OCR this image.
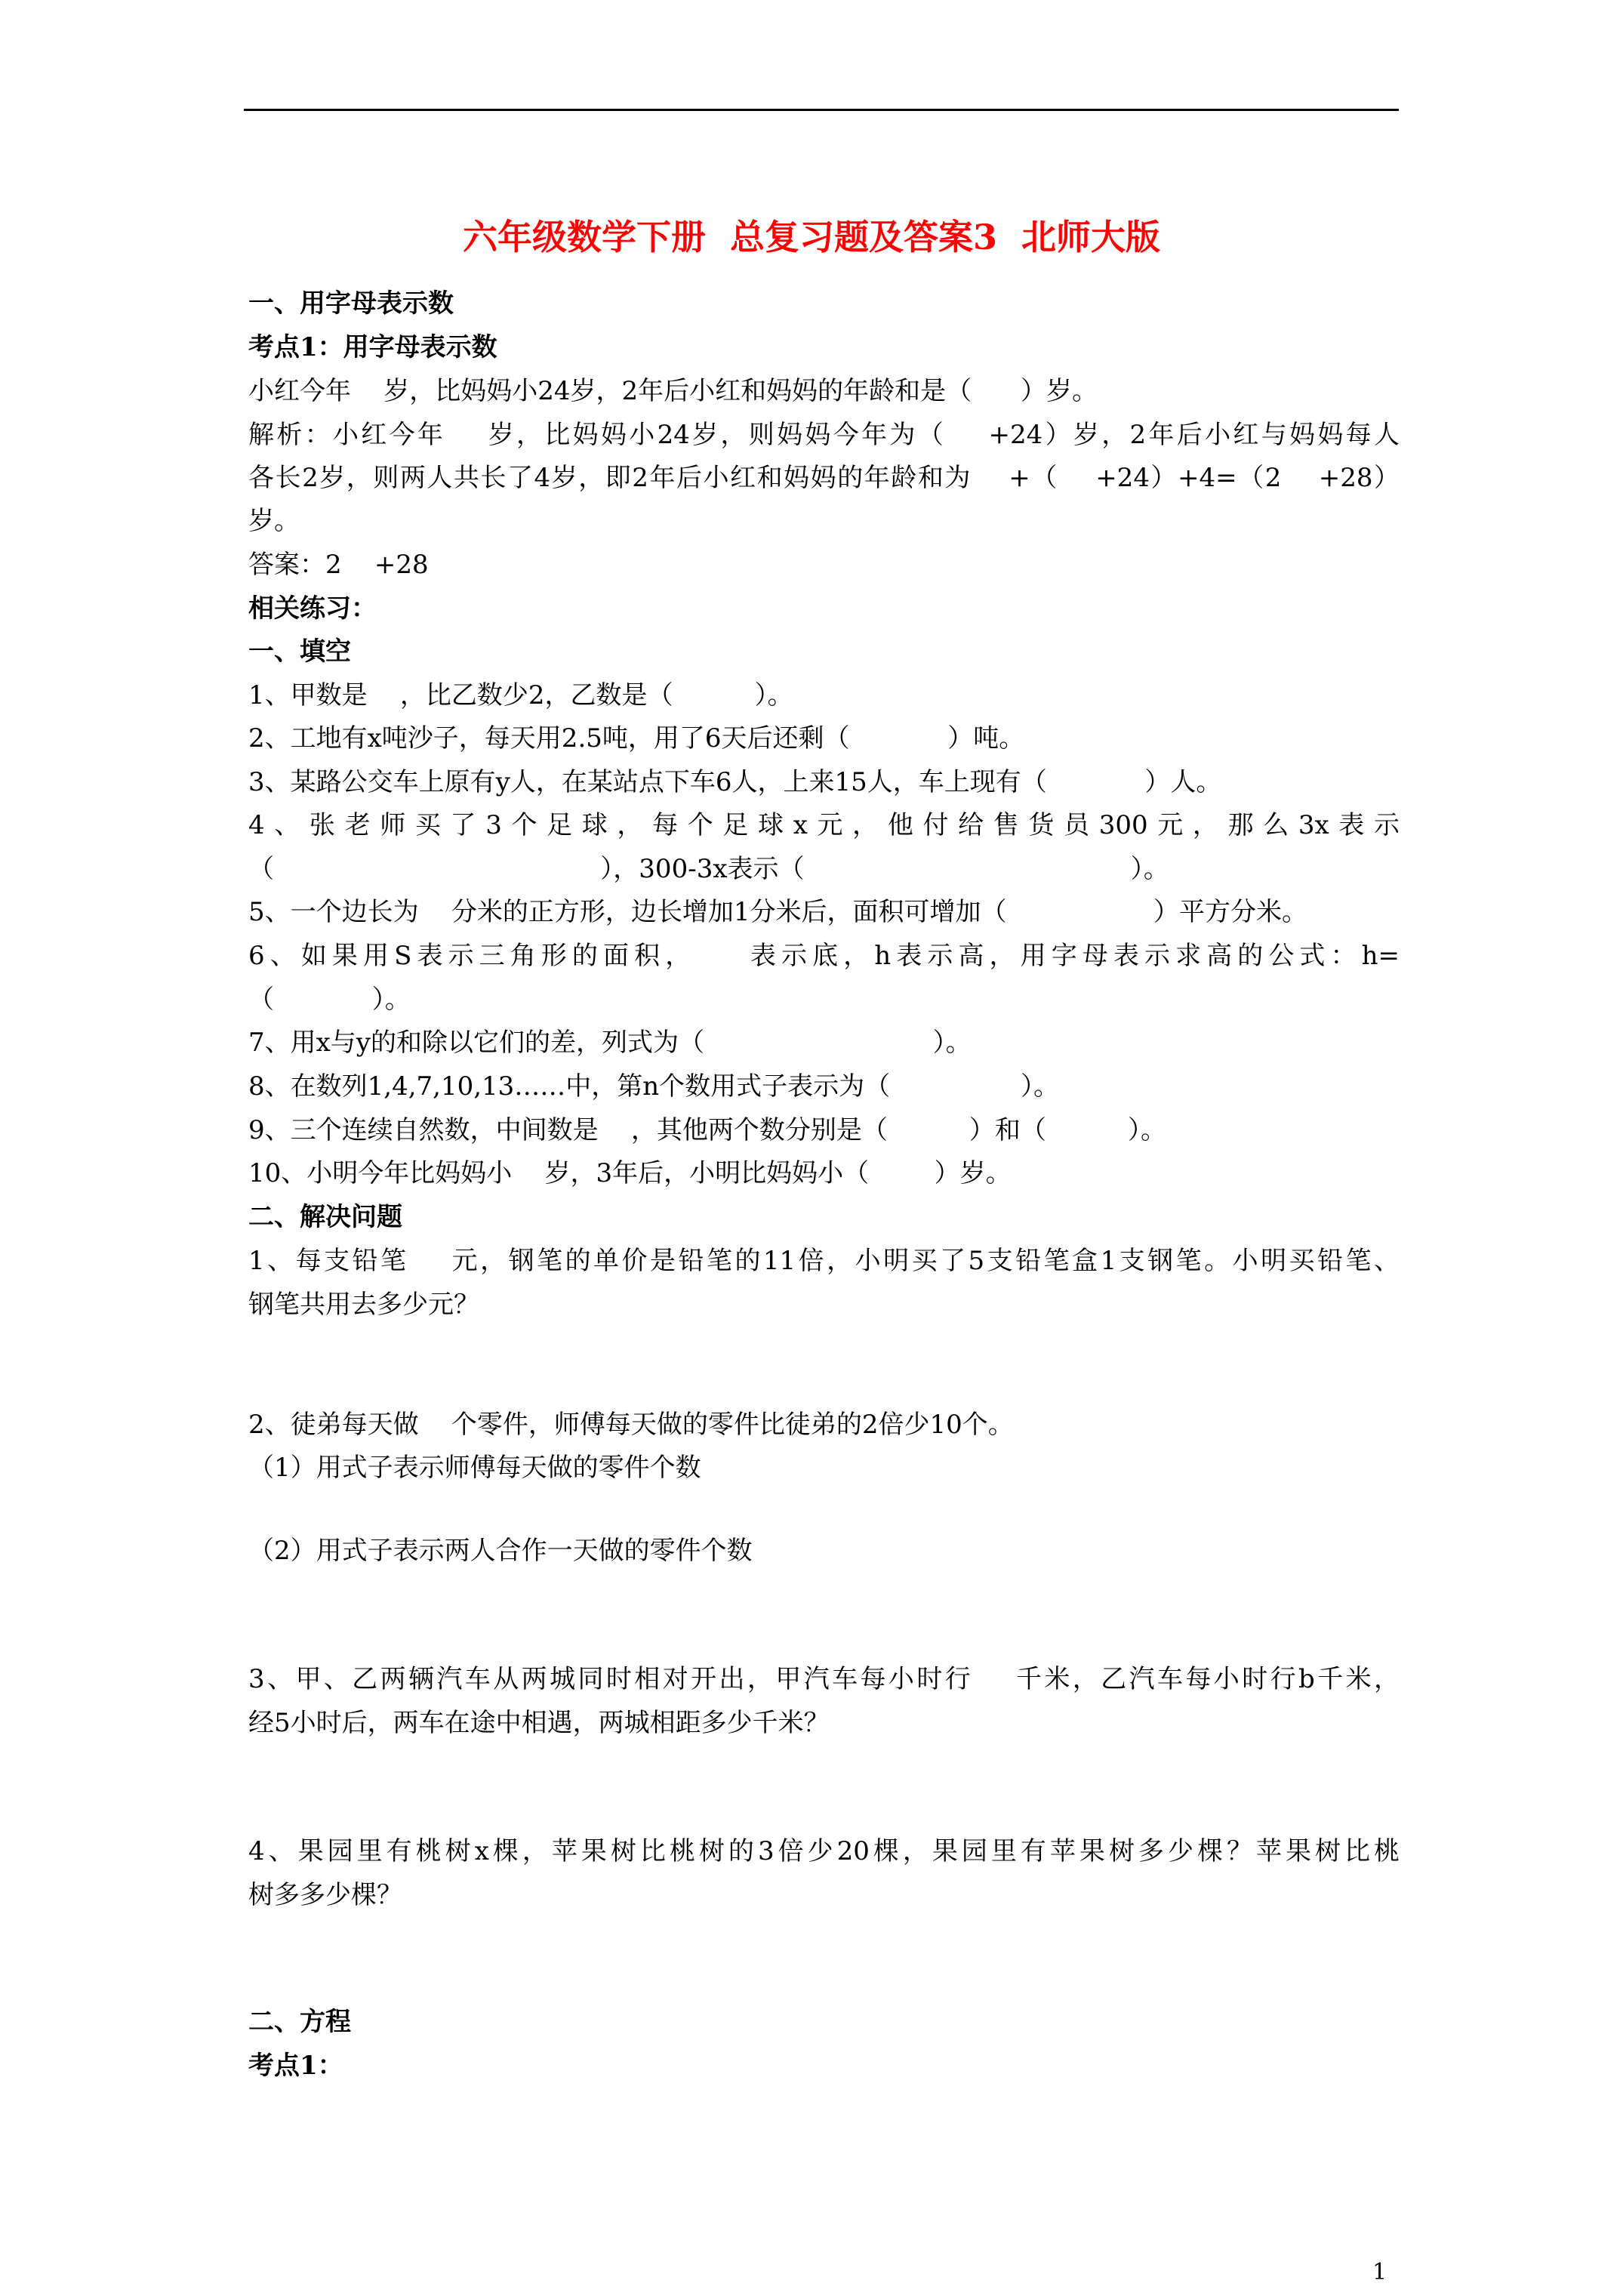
六年级数学下册  总复习题及答案3  北师大版
一、用字母表示数
考点1：用字母表示数
小红今年    岁，比妈妈小24岁，2年后小红和妈妈的年龄和是（      ）岁。
解析：小红今年    岁，比妈妈小24岁，则妈妈今年为（    +24）岁，2年后小红与妈妈每人
各长2岁，则两人共长了4岁，即2年后小红和妈妈的年龄和为    +（    +24）+4=（2    +28）
岁。
答案：2    +28
相关练习：
一、填空
1、甲数是    ，比乙数少2，乙数是（          ）。
2、工地有x吨沙子，每天用2.5吨，用了6天后还剩（            ）吨。
3、某路公交车上原有y人，在某站点下车6人，上来15人，车上现有（            ）人。
4、张老师买了3个足球，每个足球x元，他付给售货员300元，那么3x表示
（                                        ），300-3x表示（                                        ）。
5、一个边长为    分米的正方形，边长增加1分米后，面积可增加（                  ）平方分米。
6、如果用S表示三角形的面积，    表示底，h表示高，用字母表示求高的公式：h=
（            ）。
7、用x与y的和除以它们的差，列式为（                            ）。
8、在数列1,4,7,10,13……中，第n个数用式子表示为（                ）。
9、三个连续自然数，中间数是    ，其他两个数分别是（          ）和（          ）。
10、小明今年比妈妈小    岁，3年后，小明比妈妈小（        ）岁。
二、解决问题
1、每支铅笔    元，钢笔的单价是铅笔的11倍，小明买了5支铅笔盒1支钢笔。小明买铅笔、
钢笔共用去多少元？
2、徒弟每天做    个零件，师傅每天做的零件比徒弟的2倍少10个。
（1）用式子表示师傅每天做的零件个数
（2）用式子表示两人合作一天做的零件个数
3、甲、乙两辆汽车从两城同时相对开出，甲汽车每小时行    千米，乙汽车每小时行b千米，
经5小时后，两车在途中相遇，两城相距多少千米？
4、果园里有桃树x棵，苹果树比桃树的3倍少20棵，果园里有苹果树多少棵？苹果树比桃
树多多少棵？
二、方程
考点1：
1
